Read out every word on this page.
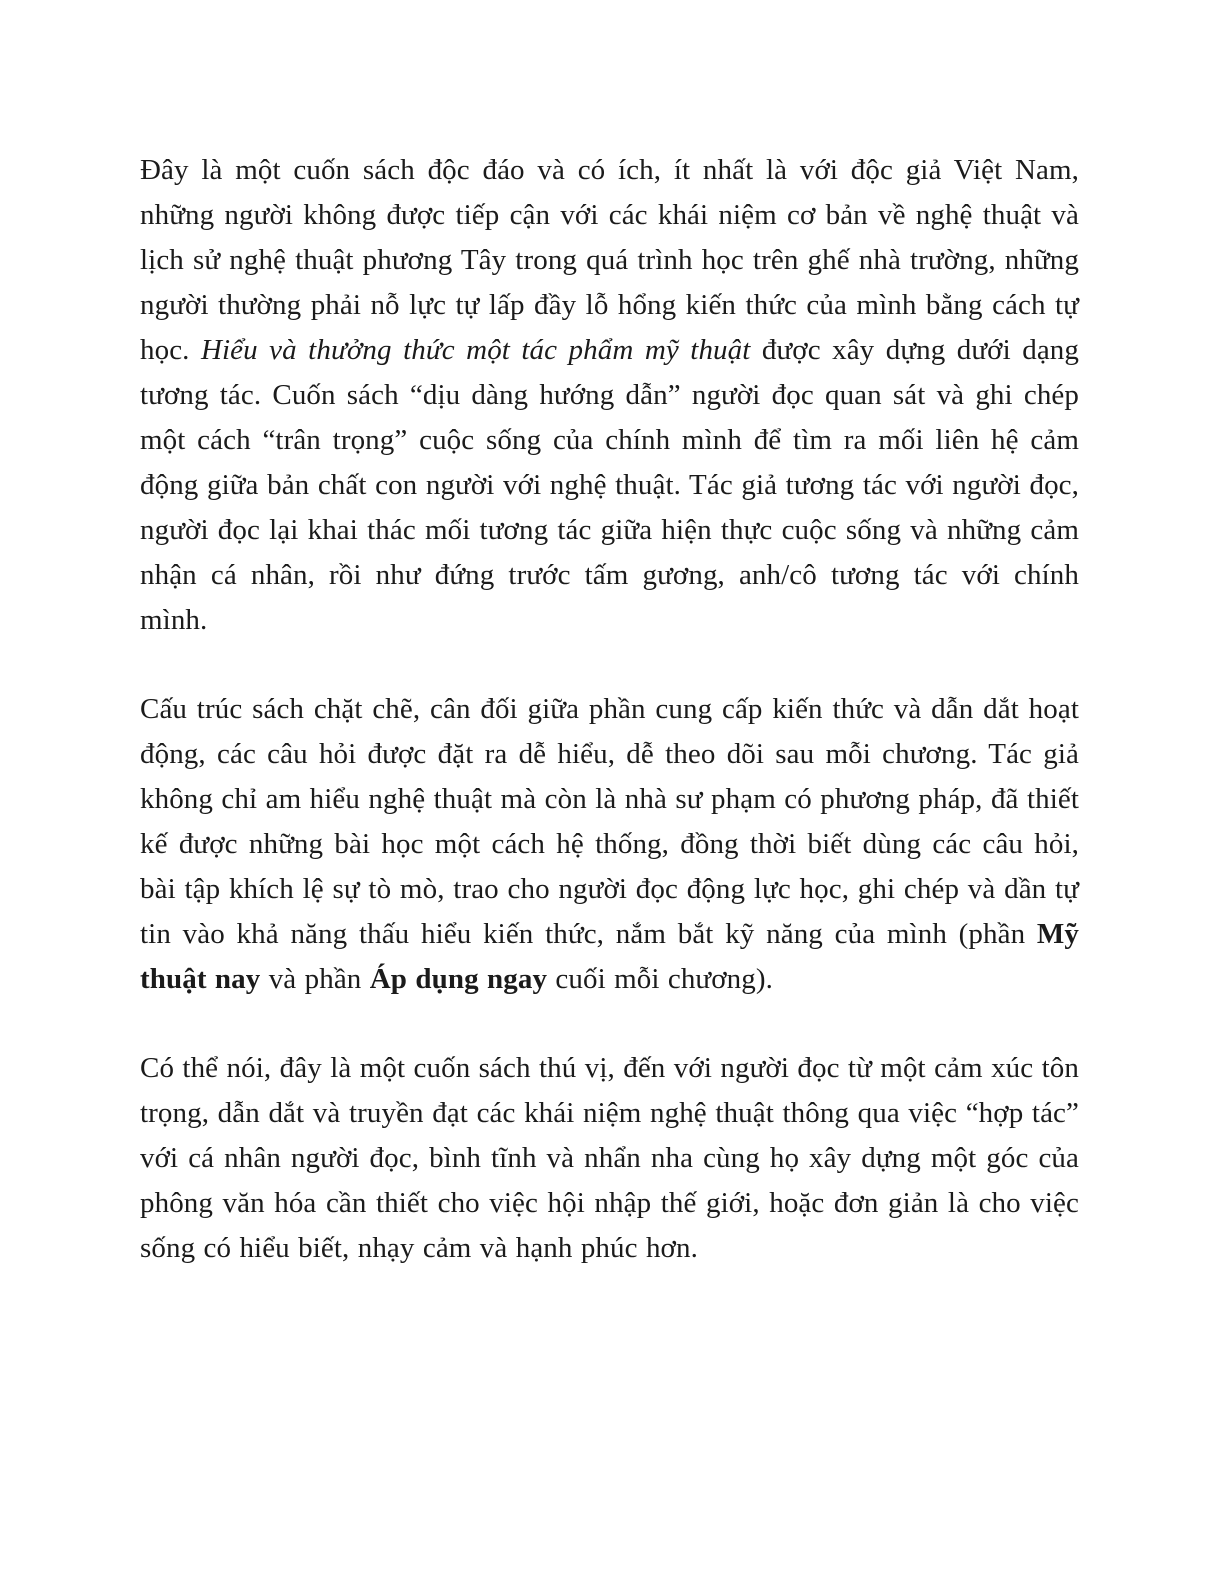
Đây là một cuốn sách độc đáo và có ích, ít nhất là với độc giả Việt Nam, những người không được tiếp cận với các khái niệm cơ bản về nghệ thuật và lịch sử nghệ thuật phương Tây trong quá trình học trên ghế nhà trường, những người thường phải nỗ lực tự lấp đầy lỗ hổng kiến thức của mình bằng cách tự học. Hiểu và thưởng thức một tác phẩm mỹ thuật được xây dựng dưới dạng tương tác. Cuốn sách “dịu dàng hướng dẫn” người đọc quan sát và ghi chép một cách “trân trọng” cuộc sống của chính mình để tìm ra mối liên hệ cảm động giữa bản chất con người với nghệ thuật. Tác giả tương tác với người đọc, người đọc lại khai thác mối tương tác giữa hiện thực cuộc sống và những cảm nhận cá nhân, rồi như đứng trước tấm gương, anh/cô tương tác với chính mình.

Cấu trúc sách chặt chẽ, cân đối giữa phần cung cấp kiến thức và dẫn dắt hoạt động, các câu hỏi được đặt ra dễ hiểu, dễ theo dõi sau mỗi chương. Tác giả không chỉ am hiểu nghệ thuật mà còn là nhà sư phạm có phương pháp, đã thiết kế được những bài học một cách hệ thống, đồng thời biết dùng các câu hỏi, bài tập khích lệ sự tò mò, trao cho người đọc động lực học, ghi chép và dần tự tin vào khả năng thấu hiểu kiến thức, nắm bắt kỹ năng của mình (phần Mỹ thuật nay và phần Áp dụng ngay cuối mỗi chương).

Có thể nói, đây là một cuốn sách thú vị, đến với người đọc từ một cảm xúc tôn trọng, dẫn dắt và truyền đạt các khái niệm nghệ thuật thông qua việc “hợp tác” với cá nhân người đọc, bình tĩnh và nhẩn nha cùng họ xây dựng một góc của phông văn hóa cần thiết cho việc hội nhập thế giới, hoặc đơn giản là cho việc sống có hiểu biết, nhạy cảm và hạnh phúc hơn.
